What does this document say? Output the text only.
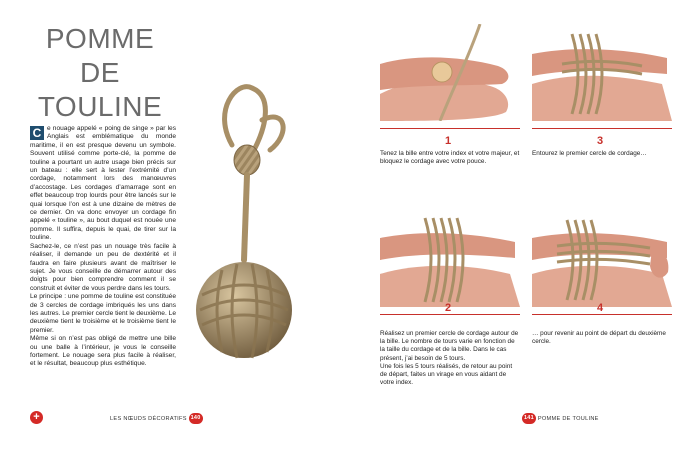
POMME
DE
TOULINE

C e nouage appelé « poing de singe » par les Anglais est emblématique du monde maritime, il en est presque devenu un symbole. Souvent utilisé comme porte-clé, la pomme de touline a pourtant un autre usage bien précis sur un bateau : elle sert à lester l’extrémité d’un cordage, notamment lors des manœuvres d’accostage. Les cordages d’amarrage sont en effet beaucoup trop lourds pour être lancés sur le quai lorsque l’on est à une dizaine de mètres de ce dernier. On va donc envoyer un cordage fin appelé « touline », au bout duquel est nouée une pomme. Il suffira, depuis le quai, de tirer sur la touline.

Sachez-le, ce n’est pas un nouage très facile à réaliser, il demande un peu de dextérité et il faudra en faire plusieurs avant de maîtriser le sujet. Je vous conseille de démarrer autour des doigts pour bien comprendre comment il se construit et éviter de vous perdre dans les tours.

Le principe : une pomme de touline est constituée de 3 cercles de cordage imbriqués les uns dans les autres. Le premier cercle tient le deuxième. Le deuxième tient le troisième et le troisième tient le premier.

Même si on n’est pas obligé de mettre une bille ou une balle à l’intérieur, je vous le conseille fortement. Le nouage sera plus facile à réaliser, et le résultat, beaucoup plus esthétique.

+	LES NŒUDS DÉCORATIFS 140
1
Tenez la bille entre votre index et votre majeur, et bloquez le cordage avec votre pouce.
3
Entourez le premier cercle de cordage…
2
Réalisez un premier cercle de cordage autour de la bille. Le nombre de tours varie en fonction de la taille du cordage et de la bille. Dans le cas présent, j’ai besoin de 5 tours.
Une fois les 5 tours réalisés, de retour au point de départ, faites un virage en vous aidant de votre index.
4
… pour revenir au point de départ du deuxième cercle.
141 POMME DE TOULINE
